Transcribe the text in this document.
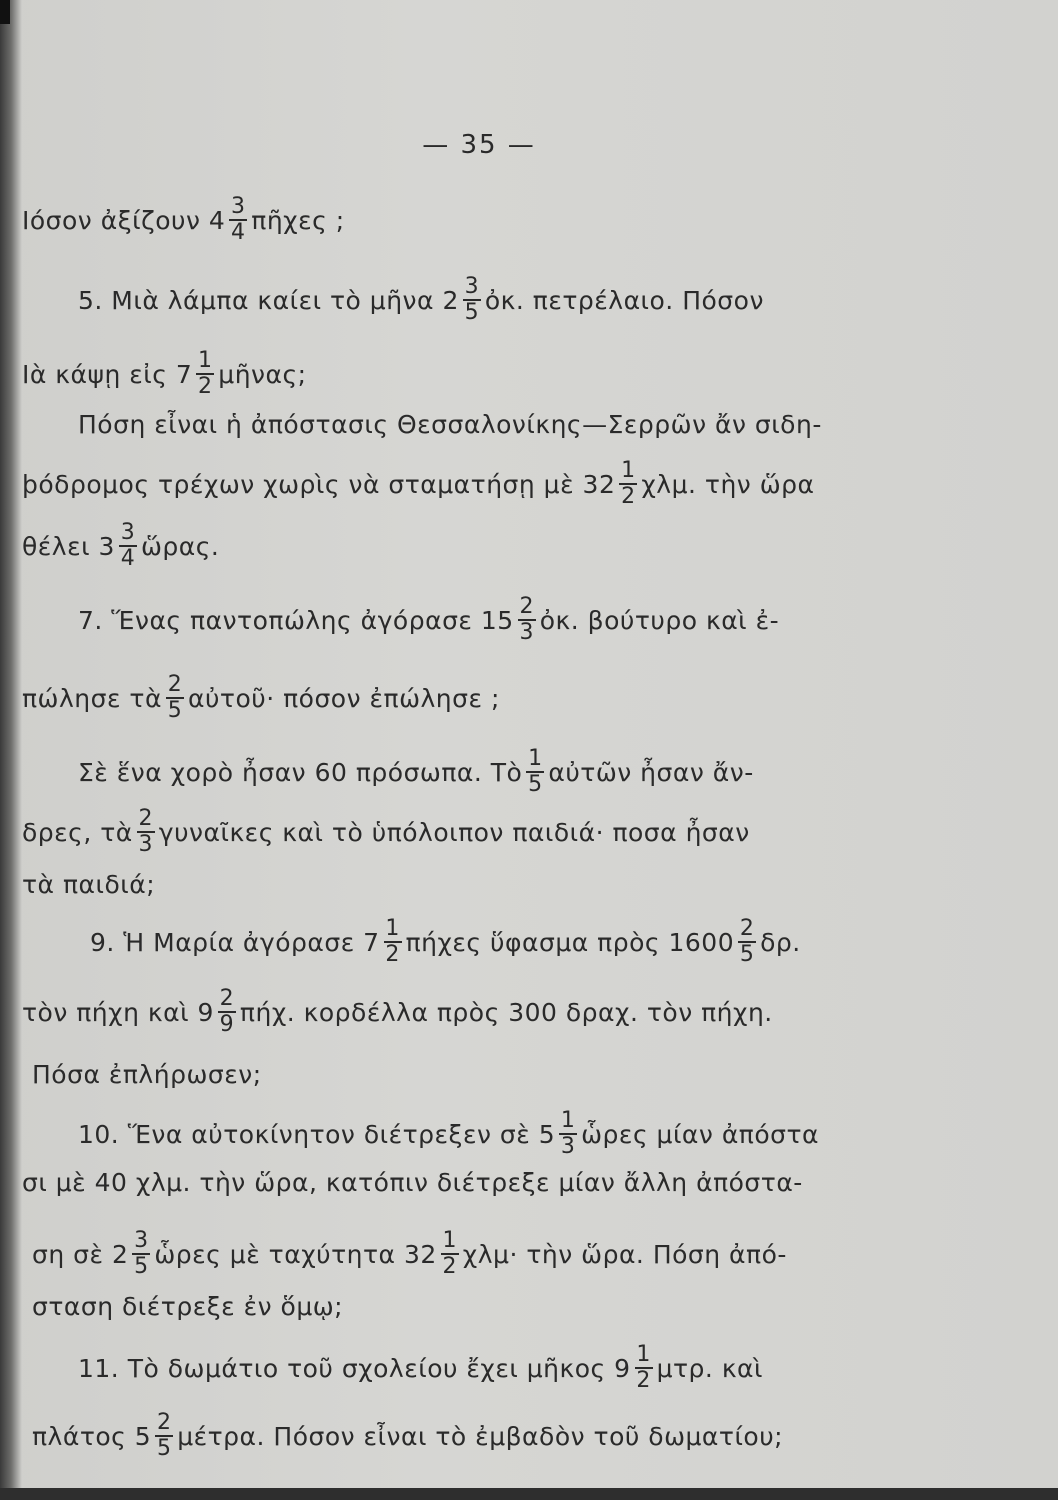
— 35 —
Ιόσον ἀξίζουν $4 \frac{3}{4}$ πῆχες ;
5. Μιὰ λάμπα καίει τὸ μῆνα $2 \frac{3}{5}$ ὀκ. πετρέλαιο. Πόσον
Ιὰ κάψῃ εἰς $7 \frac{1}{2}$ μῆνας;
Πόση εἶναι ἡ ἀπόστασις Θεσσαλονίκης—Σερρῶν ἄν σιδη-
ϸόδρομος τρέχων χωρὶς νὰ σταματήσῃ μὲ $32 \frac{1}{2} \chi\lambda\mu$. τὴν ὥρα
θέλει $3 \frac{3}{4}$ ὥρας.
7. Ἕνας παντοπώλης ἀγόρασε $15 \frac{2}{3}$ ὀκ. βούτυρο καὶ ἐ-
πώλησε τὰ $\frac{2}{5}$ αὐτοῦ· πόσον ἐπώλησε ;
Σὲ ἕνα χορὸ ἦσαν 60 πρόσωπα. Τὸ $\frac{1}{5}$ αὐτῶν ἦσαν ἄν-
δρες, τὰ $\frac{2}{3}$ γυναῖκες καὶ τὸ ὑπόλοιπον παιδιά· ποσα ἦσαν
τὰ παιδιά;
9. Ἡ Μαρία ἀγόρασε $7 \frac{1}{2}$ πήχες ὕφασμα πρὸς $1600 \frac{2}{5} \delta\rho$.
τὸν πήχη καὶ $9 \frac{2}{9} \pi ή\chi$. κορδέλλα πρὸς 300 δραχ. τὸν πήχη.
Πόσα ἐπλήρωσεν;
10. Ἕνα αὐτοκίνητον διέτρεξεν σὲ $5 \frac{1}{3}$ ὧρες μίαν ἀπόστα
σι μὲ 40 χλμ. τὴν ὥρα, κατόπιν διέτρεξε μίαν ἄλλη ἀπόστα-
ση σὲ $2 \frac{3}{5}$ ὧρες μὲ ταχύτητα $32 \frac{1}{2} \chi\lambda\mu\cdot$ τὴν ὥρα. Πόση ἀπό-
σταση διέτρεξε ἐν ὅμῳ;
11. Τὸ δωμάτιο τοῦ σχολείου ἔχει μῆκος $9 \frac{1}{2} \mu\tau\rho$. καὶ
πλάτος $5 \frac{2}{5} \mu έ\tau\rho\alpha$. Πόσον εἶναι τὸ ἐμβαδὸν τοῦ δωματίου;
